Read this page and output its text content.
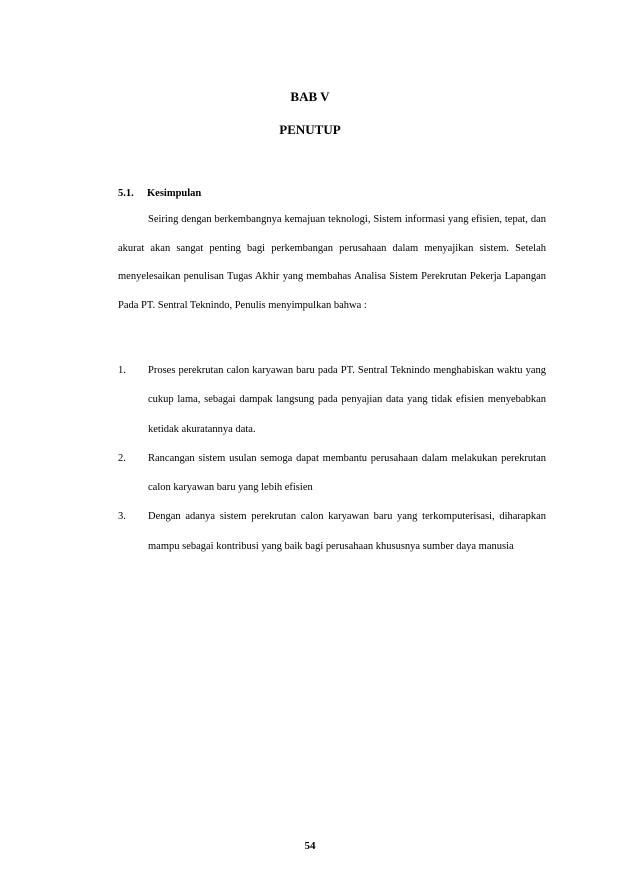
BAB V
PENUTUP
5.1. Kesimpulan

Seiring dengan berkembangnya kemajuan teknologi, Sistem informasi yang efisien, tepat, dan akurat akan sangat penting bagi perkembangan perusahaan dalam menyajikan sistem. Setelah menyelesaikan penulisan Tugas Akhir yang membahas Analisa Sistem Perekrutan Pekerja Lapangan Pada PT. Sentral Teknindo, Penulis menyimpulkan bahwa :

1. Proses perekrutan calon karyawan baru pada PT. Sentral Teknindo menghabiskan waktu yang cukup lama, sebagai dampak langsung pada penyajian data yang tidak efisien menyebabkan ketidak akuratannya data.
2. Rancangan sistem usulan semoga dapat membantu perusahaan dalam melakukan perekrutan calon karyawan baru yang lebih efisien
3. Dengan adanya sistem perekrutan calon karyawan baru yang terkomputerisasi, diharapkan mampu sebagai kontribusi yang baik bagi perusahaan khususnya sumber daya manusia
54
